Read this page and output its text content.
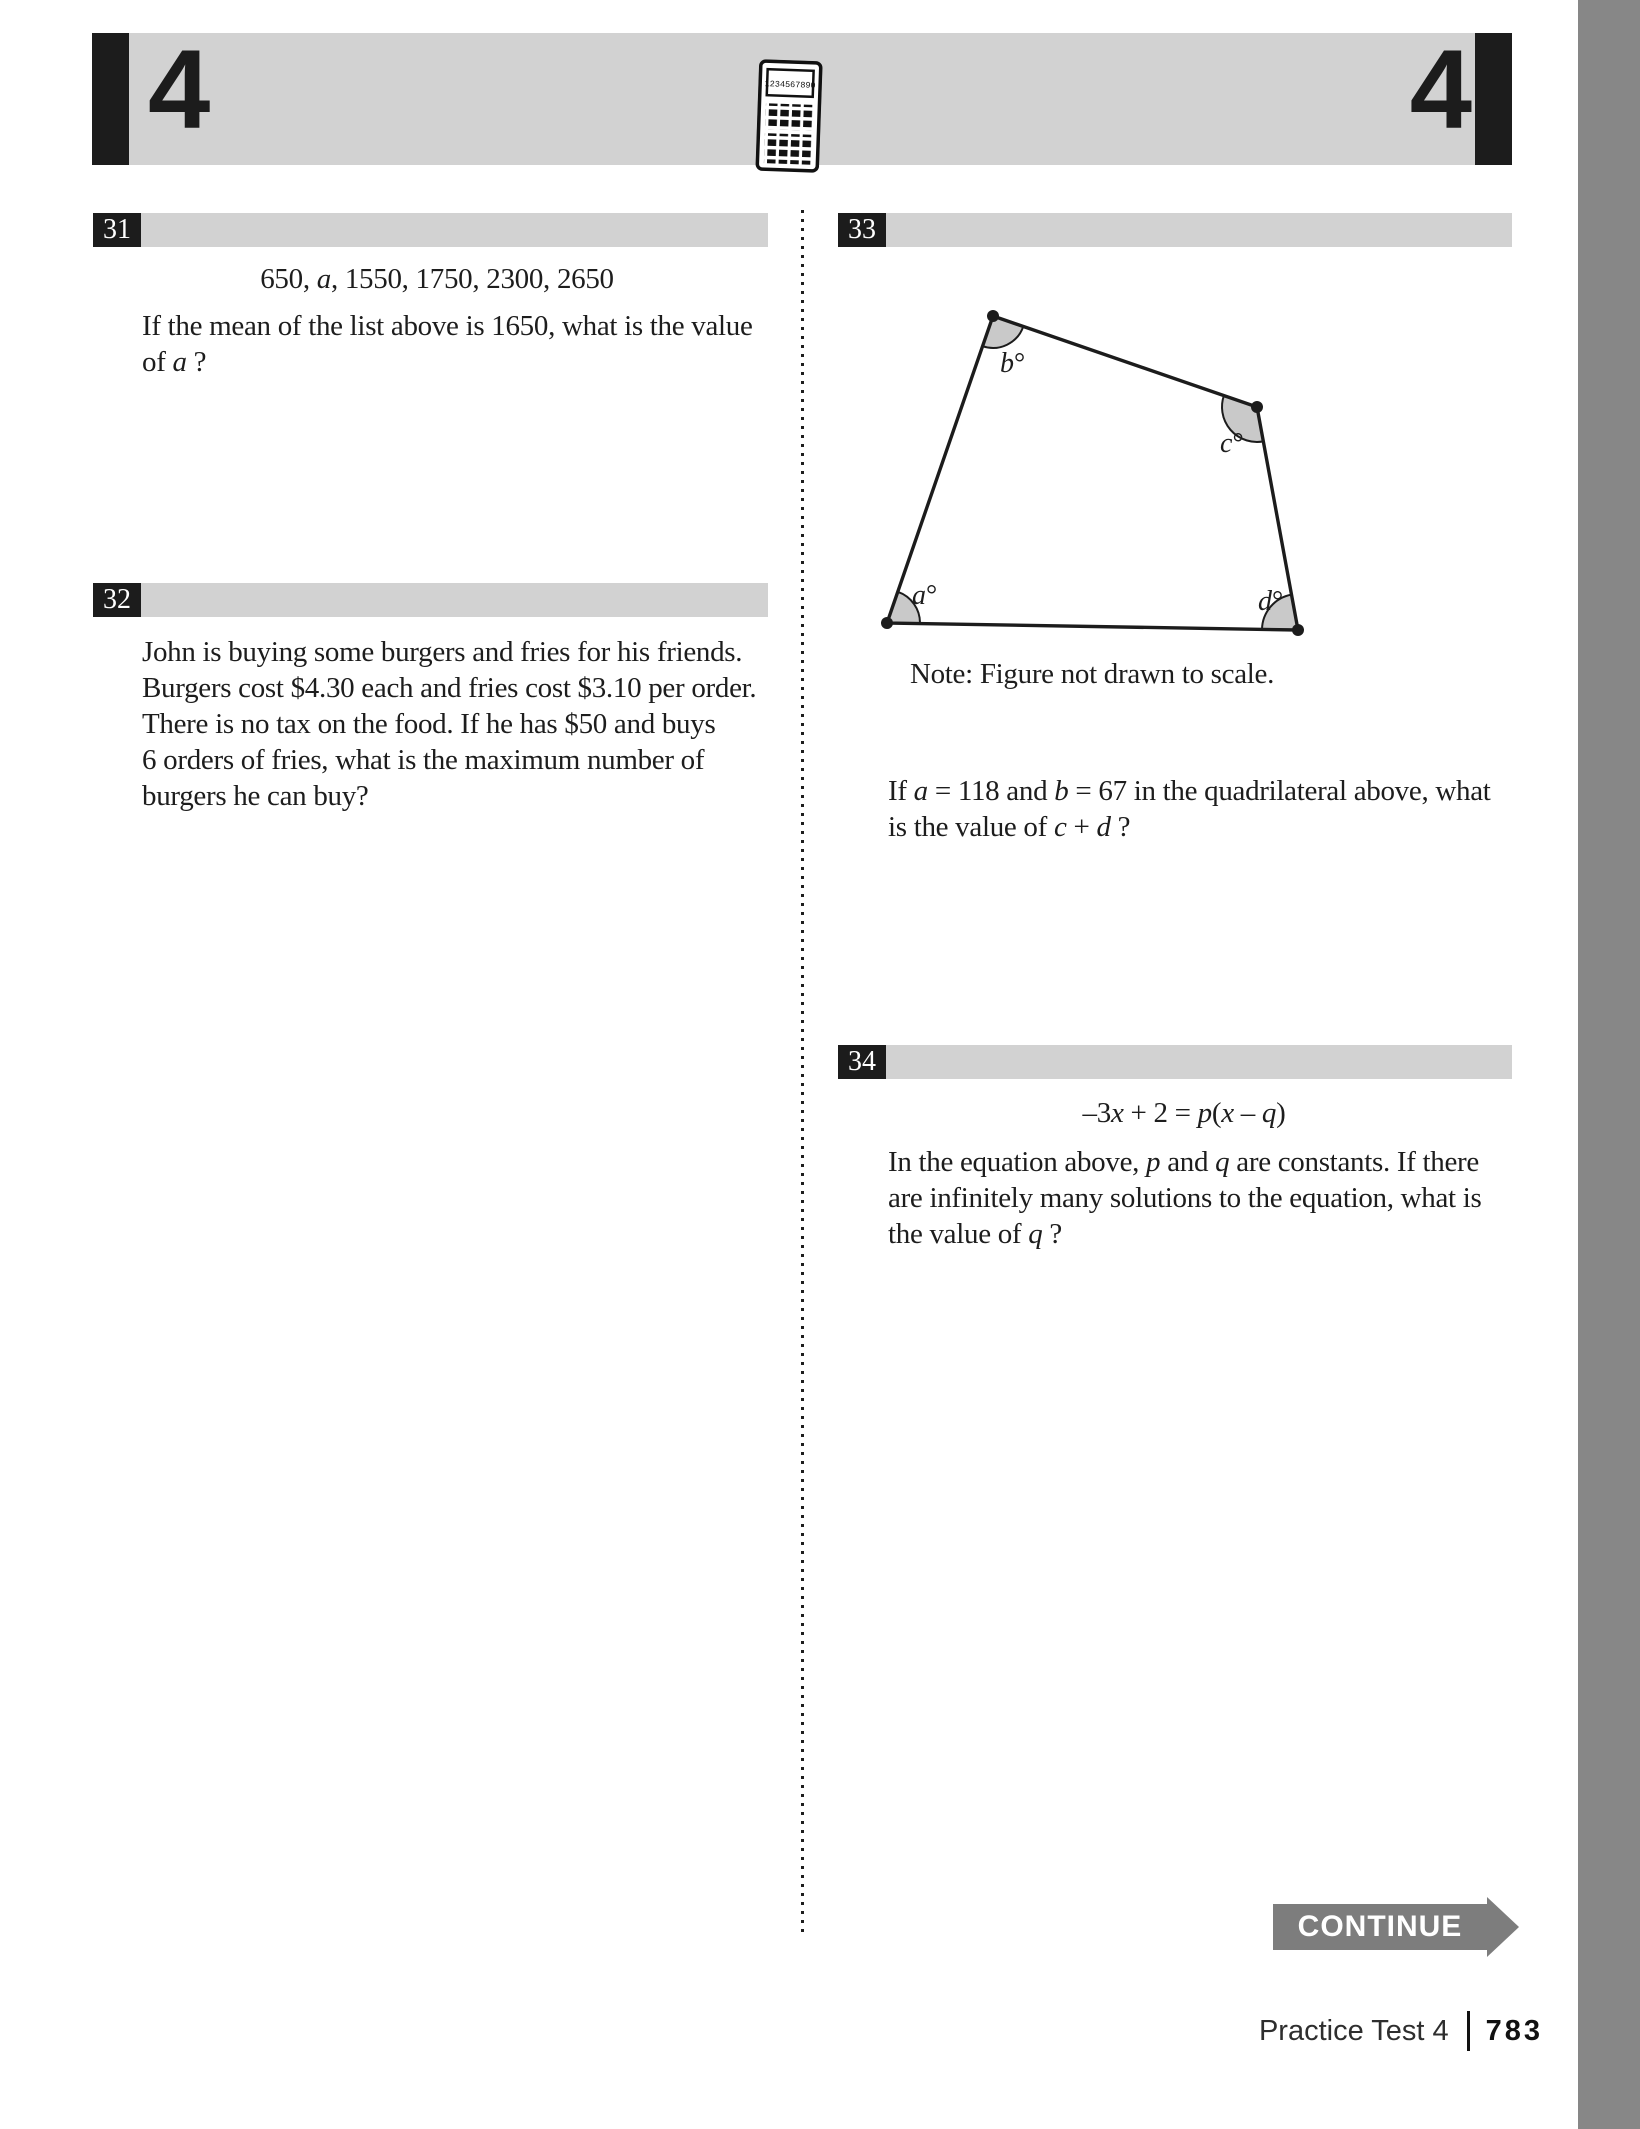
4	4
1234567890
31
650, a, 1550, 1750, 2300, 2650
If the mean of the list above is 1650, what is the value
of a ?
32
John is buying some burgers and fries for his friends.
Burgers cost $4.30 each and fries cost $3.10 per order.
There is no tax on the food. If he has $50 and buys
6 orders of fries, what is the maximum number of
burgers he can buy?
33
a°
b°
c°
d°
Note: Figure not drawn to scale.
If a = 118 and b = 67 in the quadrilateral above, what
is the value of c + d ?
34
–3x + 2 = p(x – q)
In the equation above, p and q are constants. If there
are infinitely many solutions to the equation, what is
the value of q ?
CONTINUE
Practice Test 4 783
